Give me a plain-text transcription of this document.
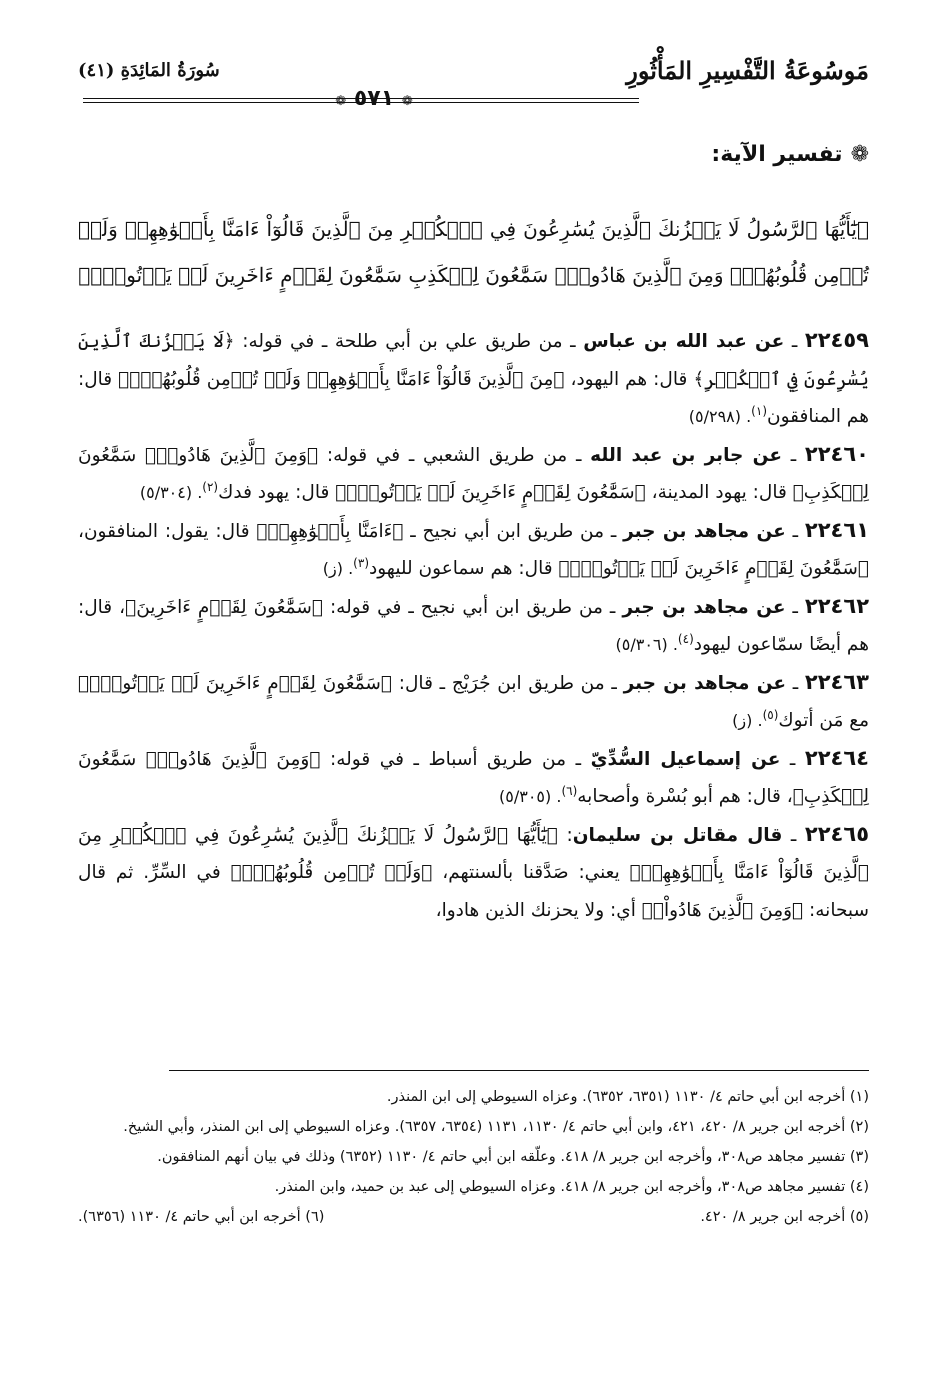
مَوسُوعَةُ التَّفْسِيرِ المَأْثُورِ
❁ ٥٧١ ❁
سُورَةُ المَائِدَةِ (٤١)
❁تفسير الآية:
﴿يَٰٓأَيُّهَا ٱلرَّسُولُ لَا يَحۡزُنكَ ٱلَّذِينَ يُسَٰرِعُونَ فِي ٱلۡكُفۡرِ مِنَ ٱلَّذِينَ قَالُوٓاْ ءَامَنَّا بِأَفۡوَٰهِهِمۡ وَلَمۡ تُؤۡمِن قُلُوبُهُمۡۛ وَمِنَ ٱلَّذِينَ هَادُواْۛ سَمَّٰعُونَ لِلۡكَذِبِ سَمَّٰعُونَ لِقَوۡمٍ ءَاخَرِينَ لَمۡ يَأۡتُوكَۖ﴾

٢٢٤٥٩ ـ عن عبد الله بن عباس ـ من طريق علي بن أبي طلحة ـ في قوله: ﴿لَا يَحۡزُنكَ ٱلَّذِينَ يُسَٰرِعُونَ فِي ٱلۡكُفۡرِ﴾ قال: هم اليهود، ﴿مِنَ ٱلَّذِينَ قَالُوٓاْ ءَامَنَّا بِأَفۡوَٰهِهِمۡ وَلَمۡ تُؤۡمِن قُلُوبُهُمۡۛ﴾ قال: هم المنافقون$^{(١)}$. (٥/٢٩٨)

٢٢٤٦٠ ـ عن جابر بن عبد الله ـ من طريق الشعبي ـ في قوله: ﴿وَمِنَ ٱلَّذِينَ هَادُواْۛ سَمَّٰعُونَ لِلۡكَذِبِ﴾ قال: يهود المدينة، ﴿سَمَّٰعُونَ لِقَوۡمٍ ءَاخَرِينَ لَمۡ يَأۡتُوكَۖ﴾ قال: يهود فدك$^{(٢)}$. (٥/٣٠٤)

٢٢٤٦١ ـ عن مجاهد بن جبر ـ من طريق ابن أبي نجيح ـ ﴿ءَامَنَّا بِأَفۡوَٰهِهِمۡ﴾ قال: يقول: المنافقون، ﴿سَمَّٰعُونَ لِقَوۡمٍ ءَاخَرِينَ لَمۡ يَأۡتُوكَۖ﴾ قال: هم سماعون لليهود$^{(٣)}$. (ز)

٢٢٤٦٢ ـ عن مجاهد بن جبر ـ من طريق ابن أبي نجيح ـ في قوله: ﴿سَمَّٰعُونَ لِقَوۡمٍ ءَاخَرِينَ﴾، قال: هم أيضًا سمّاعون ليهود$^{(٤)}$. (٥/٣٠٦)

٢٢٤٦٣ ـ عن مجاهد بن جبر ـ من طريق ابن جُرَيْج ـ قال: ﴿سَمَّٰعُونَ لِقَوۡمٍ ءَاخَرِينَ لَمۡ يَأۡتُوكَۖ﴾ مع مَن أتوك$^{(٥)}$. (ز)

٢٢٤٦٤ ـ عن إسماعيل السُّدِّيّ ـ من طريق أسباط ـ في قوله: ﴿وَمِنَ ٱلَّذِينَ هَادُواْۛ سَمَّٰعُونَ لِلۡكَذِبِ﴾، قال: هم أبو بُسْرة وأصحابه$^{(٦)}$. (٥/٣٠٥)

٢٢٤٦٥ ـ قال مقاتل بن سليمان: ﴿يَٰٓأَيُّهَا ٱلرَّسُولُ لَا يَحۡزُنكَ ٱلَّذِينَ يُسَٰرِعُونَ فِي ٱلۡكُفۡرِ مِنَ ٱلَّذِينَ قَالُوٓاْ ءَامَنَّا بِأَفۡوَٰهِهِمۡ﴾ يعني: صَدَّقنا بألسنتهم، ﴿وَلَمۡ تُؤۡمِن قُلُوبُهُمۡۛ﴾ في السِّرِّ. ثم قال سبحانه: ﴿وَمِنَ ٱلَّذِينَ هَادُواْۛ﴾ أي: ولا يحزنك الذين هادوا،

(١) أخرجه ابن أبي حاتم ٤/ ١١٣٠ (٦٣٥١، ٦٣٥٢). وعزاه السيوطي إلى ابن المنذر.

(٢) أخرجه ابن جرير ٨/ ٤٢٠، ٤٢١، وابن أبي حاتم ٤/ ١١٣٠، ١١٣١ (٦٣٥٤، ٦٣٥٧). وعزاه السيوطي إلى ابن المنذر، وأبي الشيخ.

(٣) تفسير مجاهد ص٣٠٨، وأخرجه ابن جرير ٨/ ٤١٨. وعلّقه ابن أبي حاتم ٤/ ١١٣٠ (٦٣٥٢) وذلك في بيان أنهم المنافقون.

(٤) تفسير مجاهد ص٣٠٨، وأخرجه ابن جرير ٨/ ٤١٨. وعزاه السيوطي إلى عبد بن حميد، وابن المنذر.

(٥) أخرجه ابن جرير ٨/ ٤٢٠.
(٦) أخرجه ابن أبي حاتم ٤/ ١١٣٠ (٦٣٥٦).
